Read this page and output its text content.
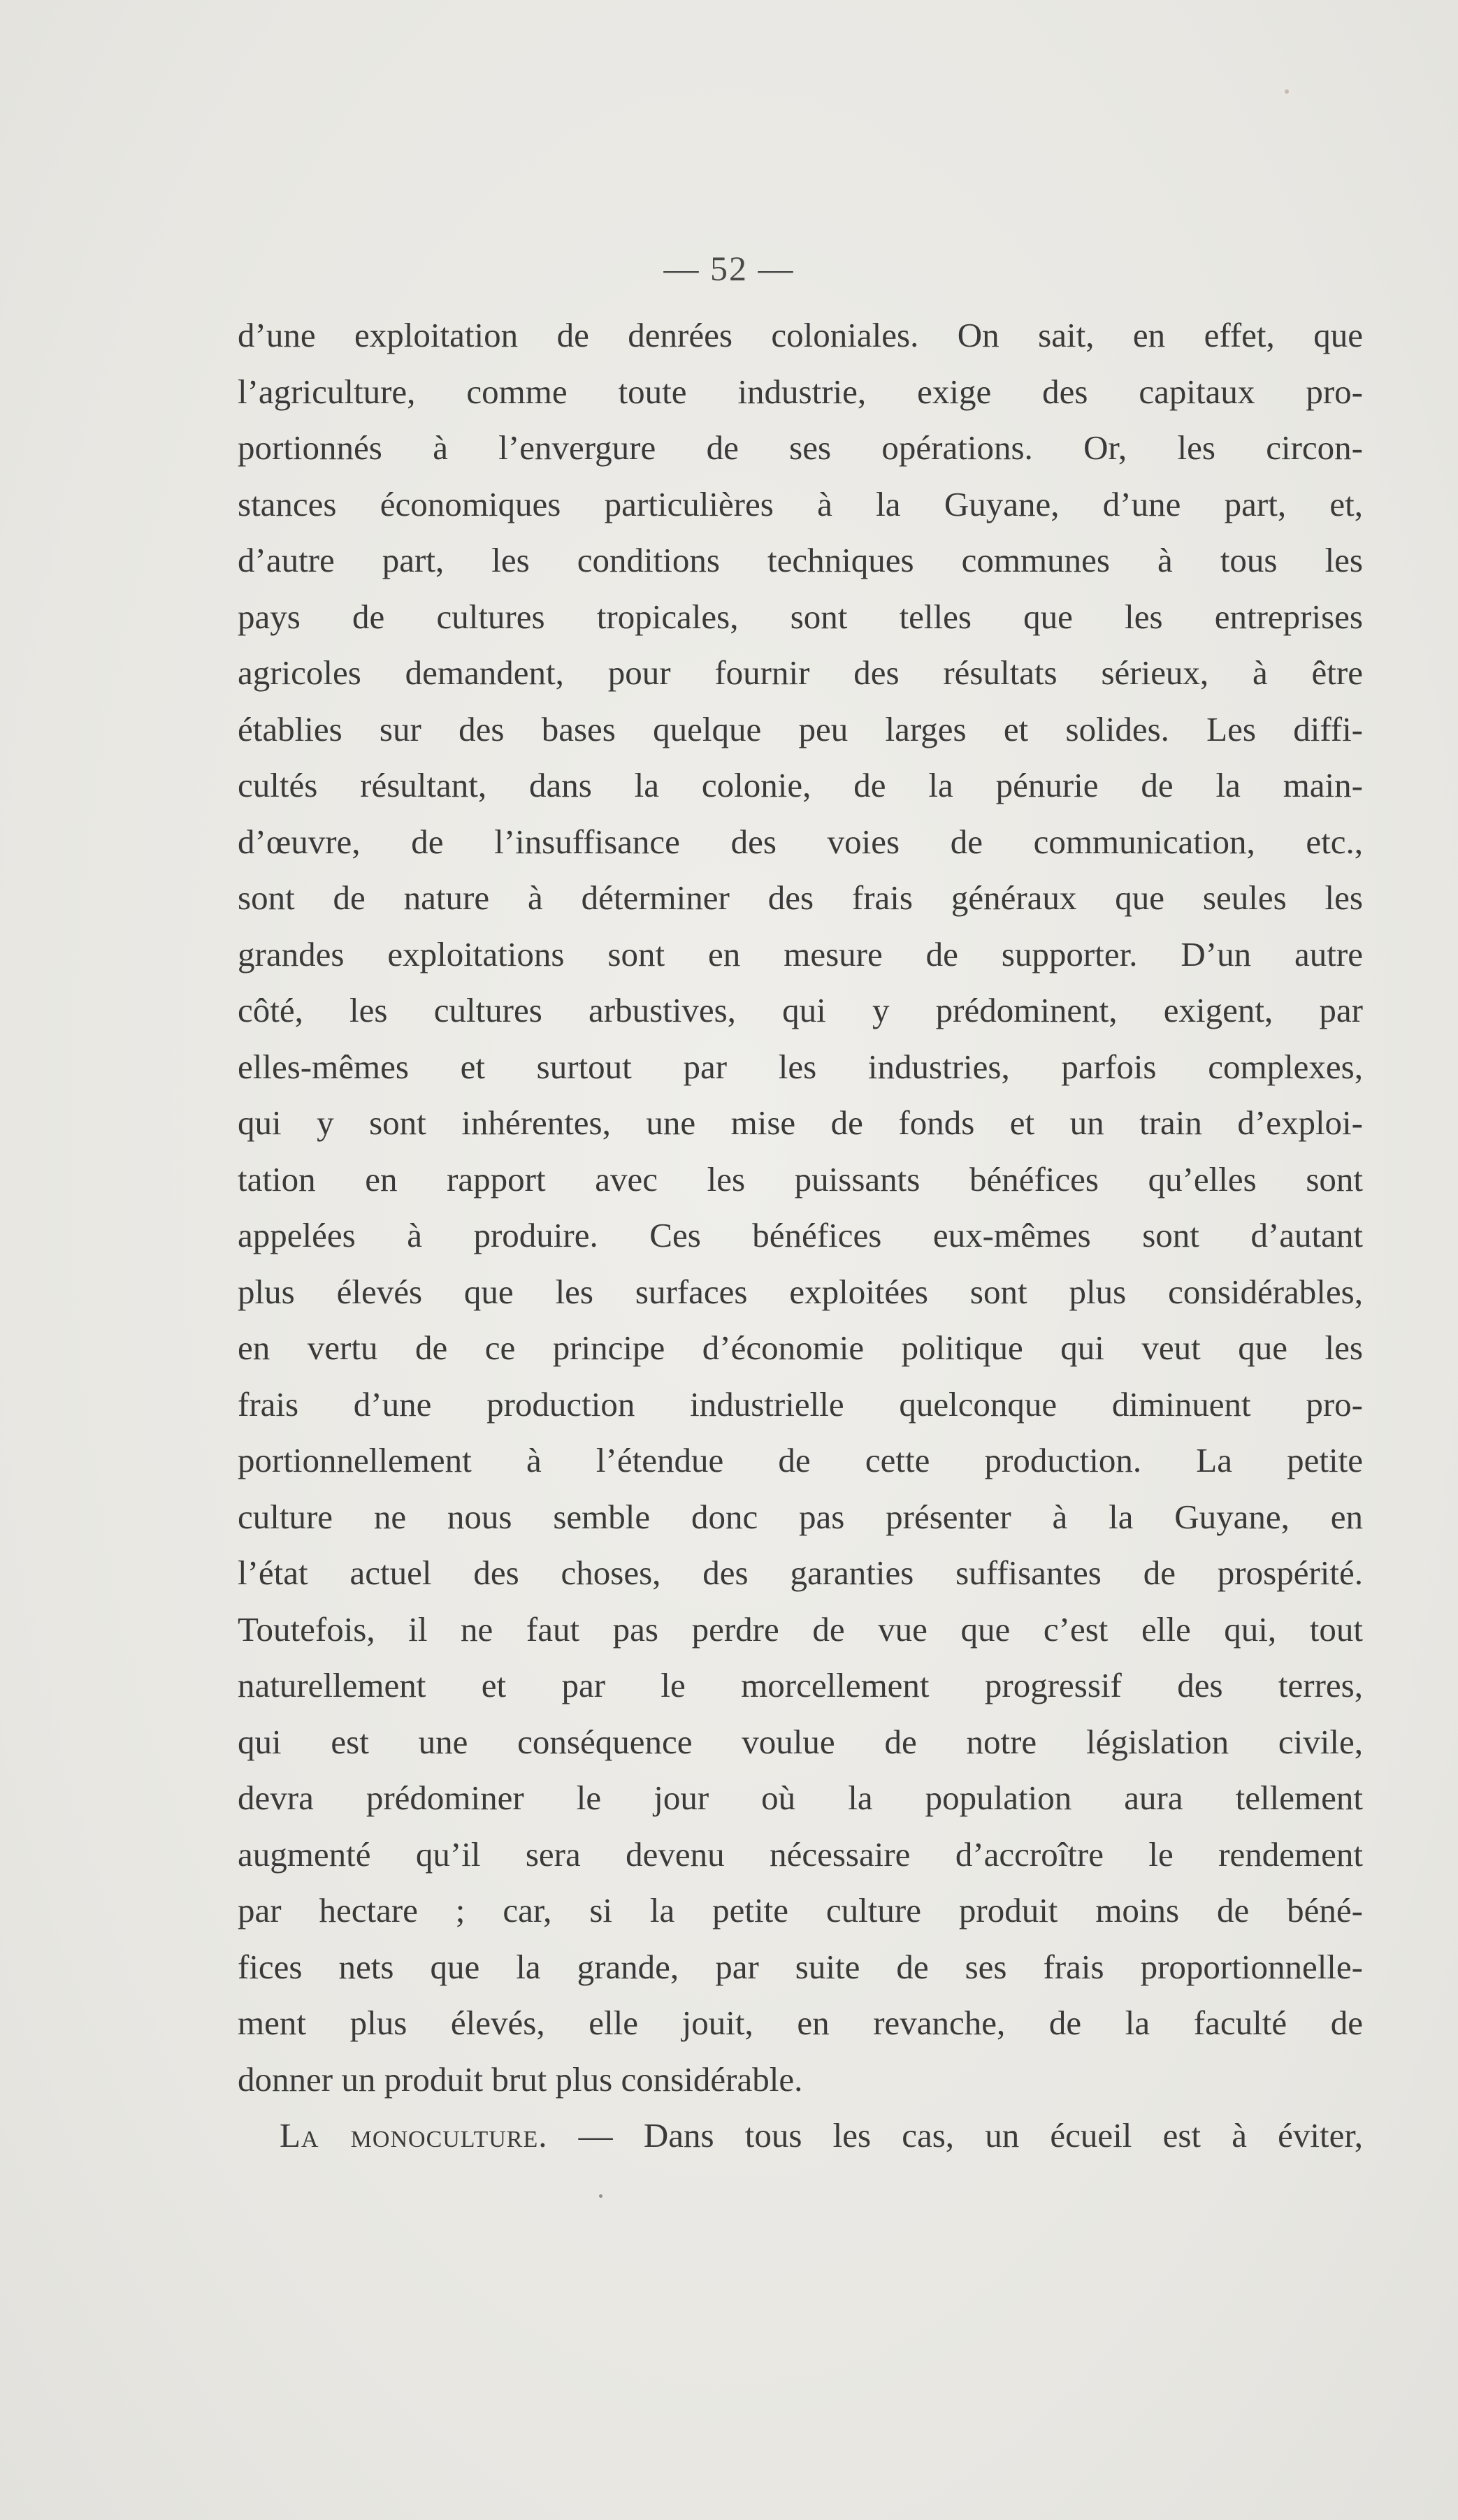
— 52 —
d’une exploitation de denrées coloniales. On sait, en effet, que
l’agriculture, comme toute industrie, exige des capitaux pro-
portionnés à l’envergure de ses opérations. Or, les circon-
stances économiques particulières à la Guyane, d’une part, et,
d’autre part, les conditions techniques communes à tous les
pays de cultures tropicales, sont telles que les entreprises
agricoles demandent, pour fournir des résultats sérieux, à être
établies sur des bases quelque peu larges et solides. Les diffi-
cultés résultant, dans la colonie, de la pénurie de la main-
d’œuvre, de l’insuffisance des voies de communication, etc.,
sont de nature à déterminer des frais généraux que seules les
grandes exploitations sont en mesure de supporter. D’un autre
côté, les cultures arbustives, qui y prédominent, exigent, par
elles-mêmes et surtout par les industries, parfois complexes,
qui y sont inhérentes, une mise de fonds et un train d’exploi-
tation en rapport avec les puissants bénéfices qu’elles sont
appelées à produire. Ces bénéfices eux-mêmes sont d’autant
plus élevés que les surfaces exploitées sont plus considérables,
en vertu de ce principe d’économie politique qui veut que les
frais d’une production industrielle quelconque diminuent pro-
portionnellement à l’étendue de cette production. La petite
culture ne nous semble donc pas présenter à la Guyane, en
l’état actuel des choses, des garanties suffisantes de prospérité.
Toutefois, il ne faut pas perdre de vue que c’est elle qui, tout
naturellement et par le morcellement progressif des terres,
qui est une conséquence voulue de notre législation civile,
devra prédominer le jour où la population aura tellement
augmenté qu’il sera devenu nécessaire d’accroître le rendement
par hectare ; car, si la petite culture produit moins de béné-
fices nets que la grande, par suite de ses frais proportionnelle-
ment plus élevés, elle jouit, en revanche, de la faculté de
donner un produit brut plus considérable.
La monoculture. — Dans tous les cas, un écueil est à éviter,
